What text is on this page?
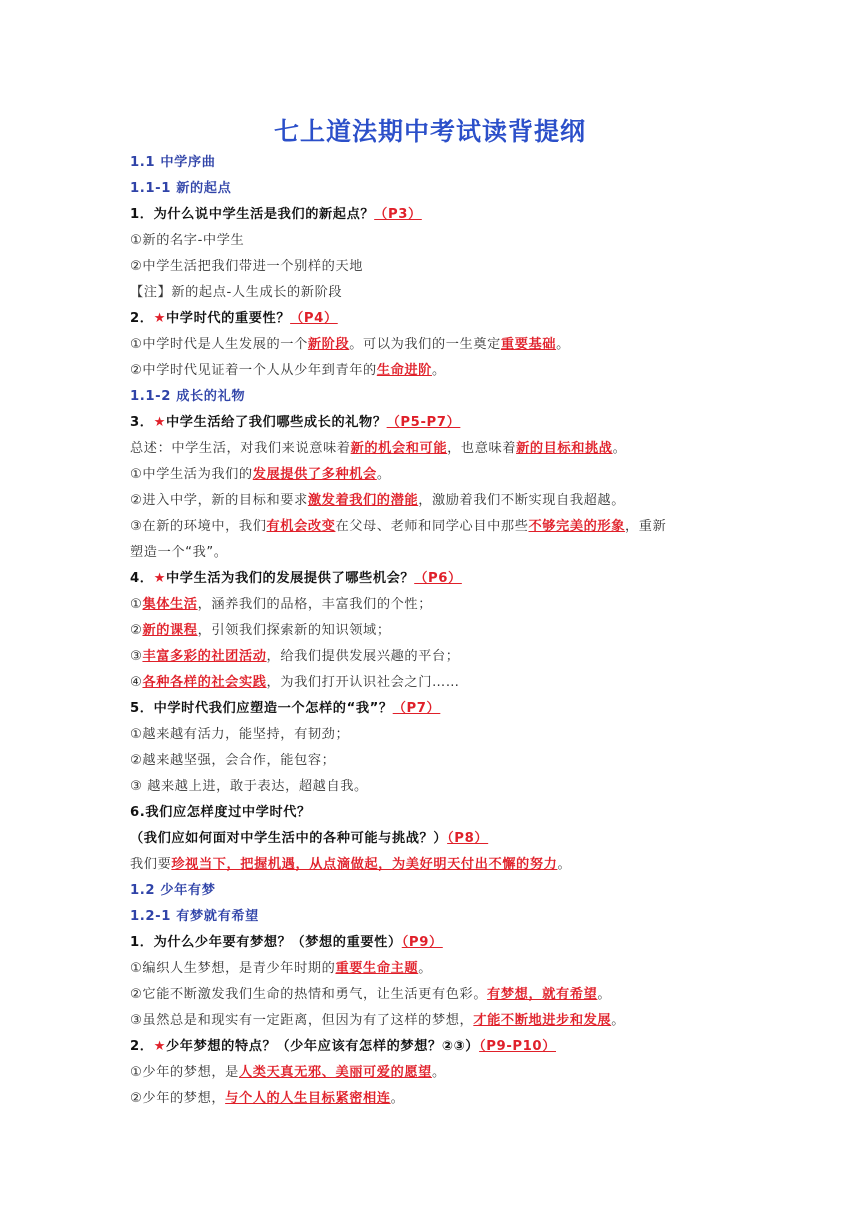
七上道法期中考试读背提纲
1.1 中学序曲
1.1-1 新的起点
1．为什么说中学生活是我们的新起点？（P3）
①新的名字-中学生
②中学生活把我们带进一个别样的天地
【注】新的起点-人生成长的新阶段
2．★中学时代的重要性？（P4）
①中学时代是人生发展的一个新阶段。可以为我们的一生奠定重要基础。
②中学时代见证着一个人从少年到青年的生命进阶。
1.1-2 成长的礼物
3．★中学生活给了我们哪些成长的礼物？（P5-P7）
总述：中学生活，对我们来说意味着新的机会和可能，也意味着新的目标和挑战。
①中学生活为我们的发展提供了多种机会。
②进入中学，新的目标和要求激发着我们的潜能，激励着我们不断实现自我超越。
③在新的环境中，我们有机会改变在父母、老师和同学心目中那些不够完美的形象，重新
塑造一个“我”。
4．★中学生活为我们的发展提供了哪些机会？（P6）
①集体生活，涵养我们的品格，丰富我们的个性；
②新的课程，引领我们探索新的知识领域；
③丰富多彩的社团活动，给我们提供发展兴趣的平台；
④各种各样的社会实践，为我们打开认识社会之门……
5．中学时代我们应塑造一个怎样的“我”？（P7）
①越来越有活力，能坚持，有韧劲；
②越来越坚强，会合作，能包容；
③ 越来越上进，敢于表达，超越自我。
6.我们应怎样度过中学时代？
（我们应如何面对中学生活中的各种可能与挑战？）（P8）
我们要珍视当下，把握机遇，从点滴做起，为美好明天付出不懈的努力。
1.2 少年有梦
1.2-1 有梦就有希望
1．为什么少年要有梦想？（梦想的重要性）（P9）
①编织人生梦想，是青少年时期的重要生命主题。
②它能不断激发我们生命的热情和勇气，让生活更有色彩。有梦想，就有希望。
③虽然总是和现实有一定距离，但因为有了这样的梦想，才能不断地进步和发展。
2．★少年梦想的特点？（少年应该有怎样的梦想？②③）（P9-P10）
①少年的梦想，是人类天真无邪、美丽可爱的愿望。
②少年的梦想，与个人的人生目标紧密相连。
